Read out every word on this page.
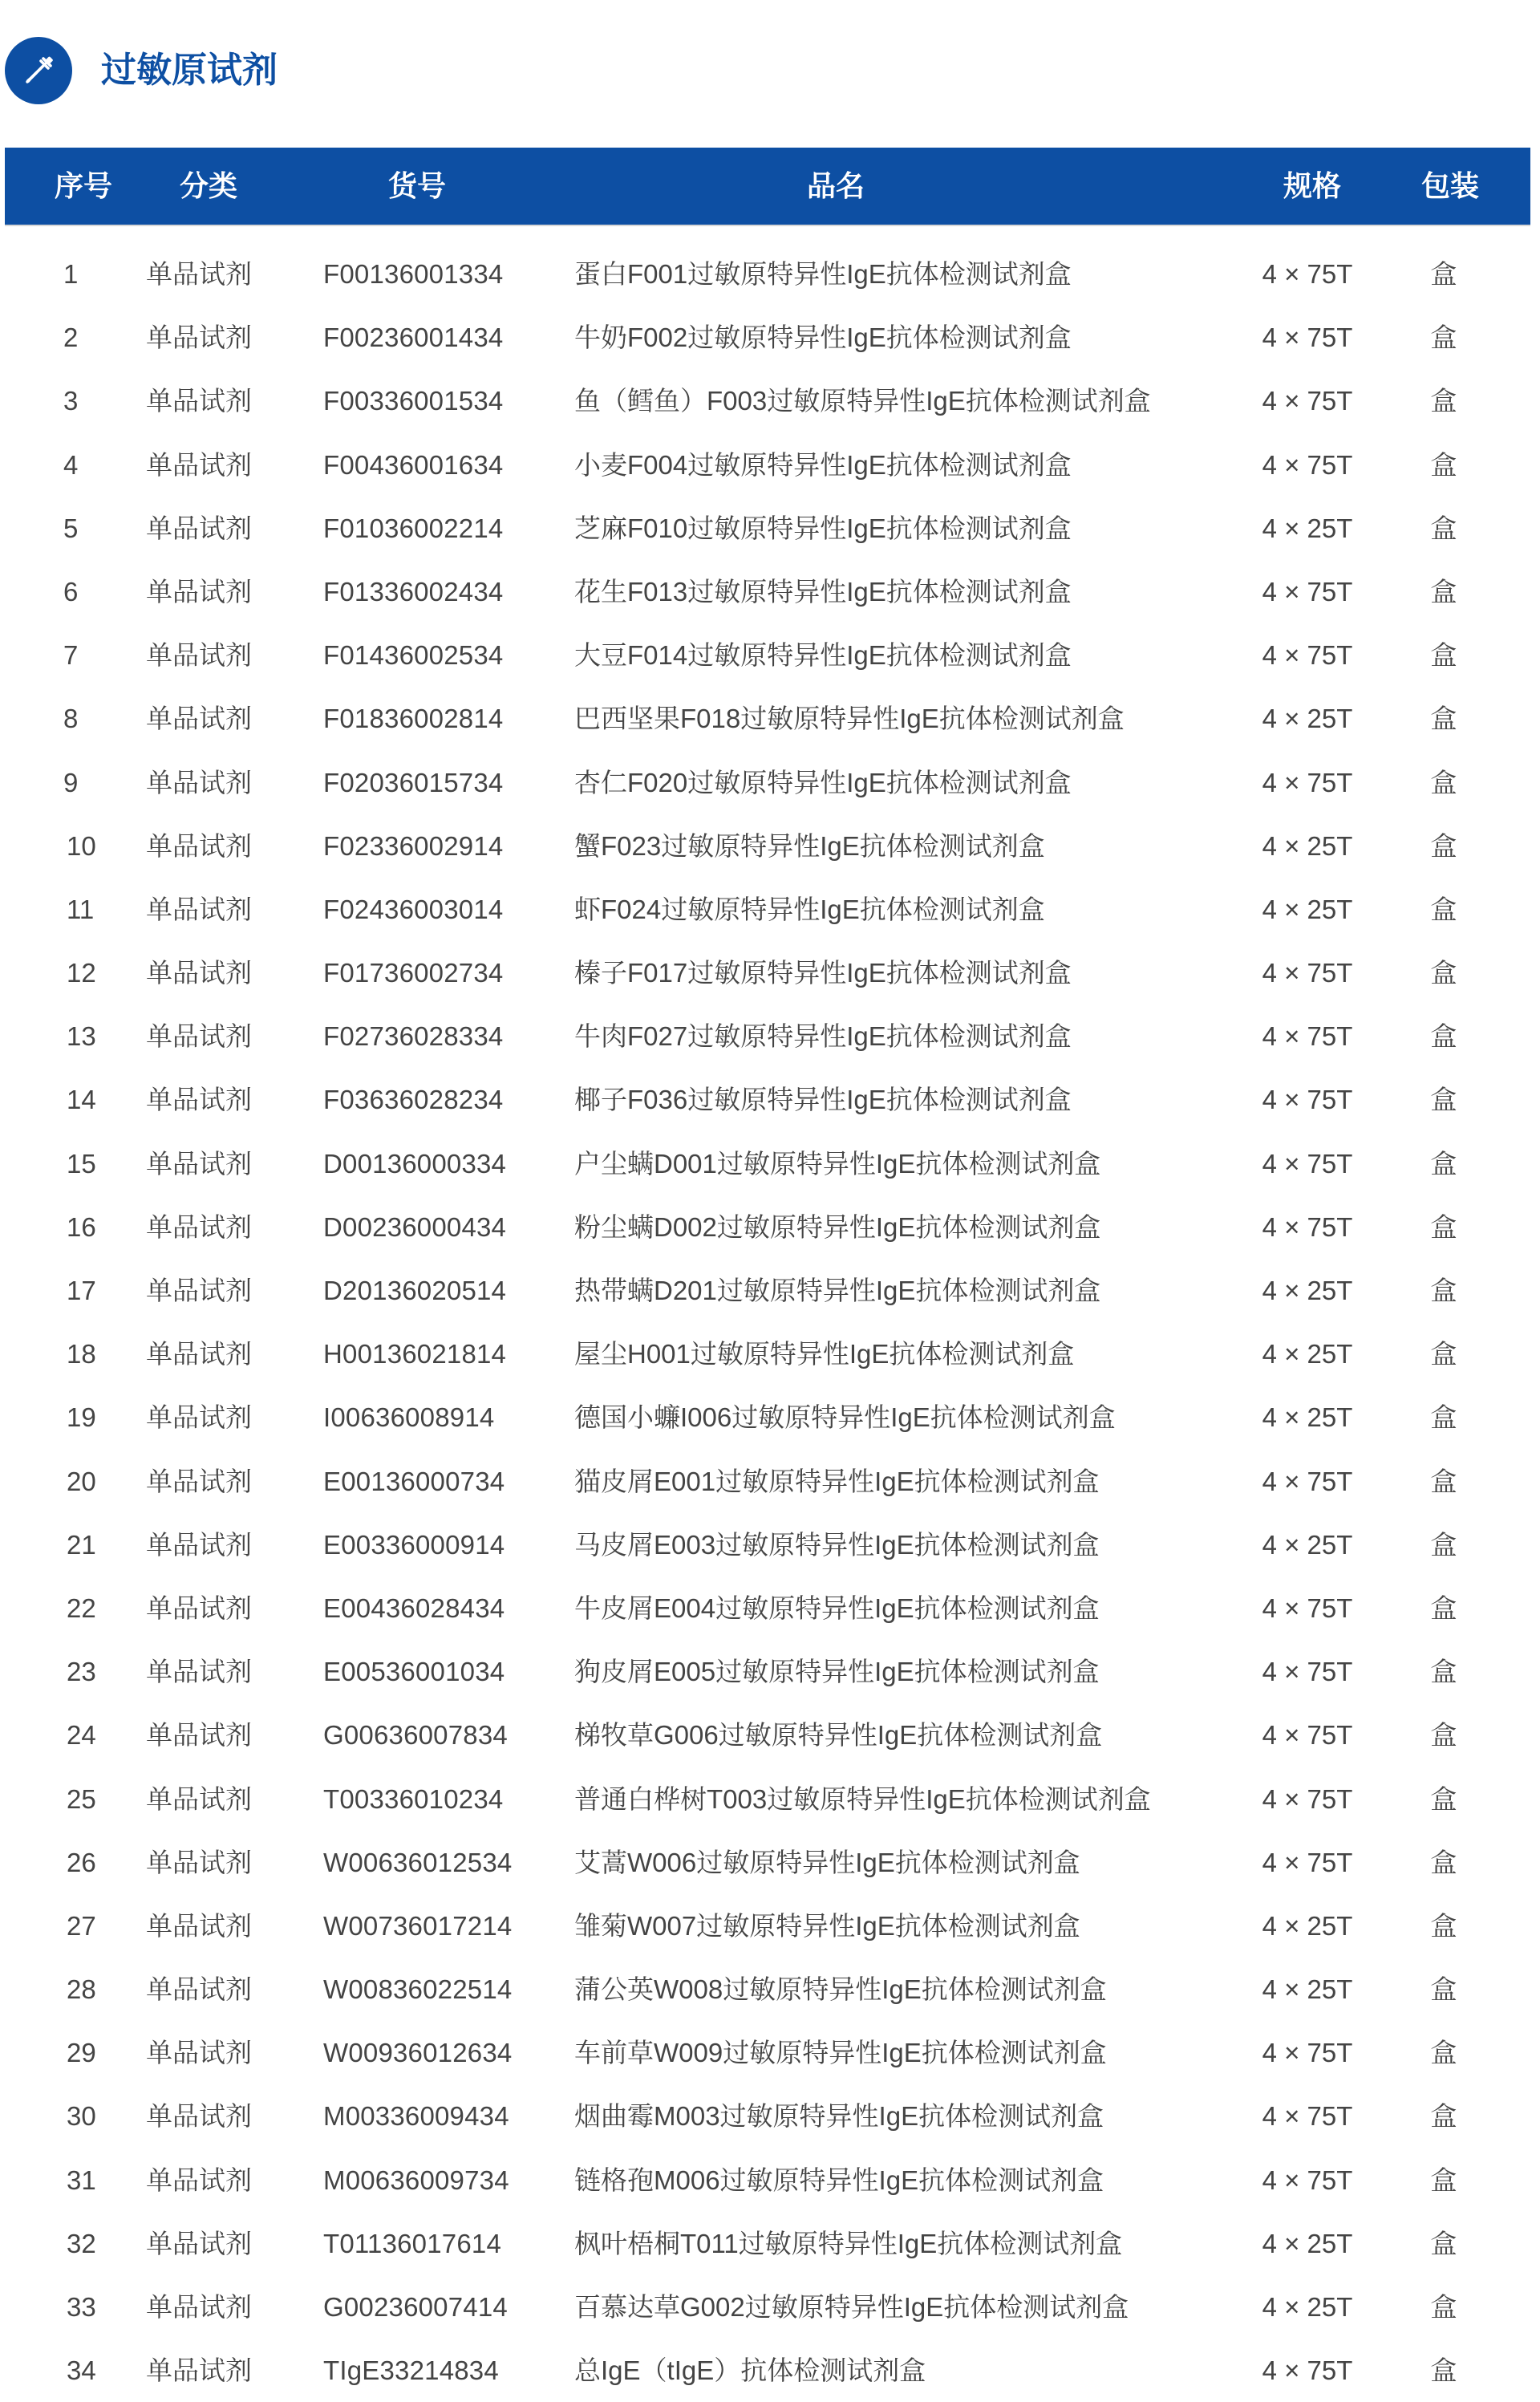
过敏原试剂
序号	分类	货号	品名	规格	包装
1	单品试剂	F00136001334	蛋白F001过敏原特异性IgE抗体检测试剂盒	4 × 75T	盒
2	单品试剂	F00236001434	牛奶F002过敏原特异性IgE抗体检测试剂盒	4 × 75T	盒
3	单品试剂	F00336001534	鱼（鳕鱼）F003过敏原特异性IgE抗体检测试剂盒	4 × 75T	盒
4	单品试剂	F00436001634	小麦F004过敏原特异性IgE抗体检测试剂盒	4 × 75T	盒
5	单品试剂	F01036002214	芝麻F010过敏原特异性IgE抗体检测试剂盒	4 × 25T	盒
6	单品试剂	F01336002434	花生F013过敏原特异性IgE抗体检测试剂盒	4 × 75T	盒
7	单品试剂	F01436002534	大豆F014过敏原特异性IgE抗体检测试剂盒	4 × 75T	盒
8	单品试剂	F01836002814	巴西坚果F018过敏原特异性IgE抗体检测试剂盒	4 × 25T	盒
9	单品试剂	F02036015734	杏仁F020过敏原特异性IgE抗体检测试剂盒	4 × 75T	盒
10	单品试剂	F02336002914	蟹F023过敏原特异性IgE抗体检测试剂盒	4 × 25T	盒
11	单品试剂	F02436003014	虾F024过敏原特异性IgE抗体检测试剂盒	4 × 25T	盒
12	单品试剂	F01736002734	榛子F017过敏原特异性IgE抗体检测试剂盒	4 × 75T	盒
13	单品试剂	F02736028334	牛肉F027过敏原特异性IgE抗体检测试剂盒	4 × 75T	盒
14	单品试剂	F03636028234	椰子F036过敏原特异性IgE抗体检测试剂盒	4 × 75T	盒
15	单品试剂	D00136000334	户尘螨D001过敏原特异性IgE抗体检测试剂盒	4 × 75T	盒
16	单品试剂	D00236000434	粉尘螨D002过敏原特异性IgE抗体检测试剂盒	4 × 75T	盒
17	单品试剂	D20136020514	热带螨D201过敏原特异性IgE抗体检测试剂盒	4 × 25T	盒
18	单品试剂	H00136021814	屋尘H001过敏原特异性IgE抗体检测试剂盒	4 × 25T	盒
19	单品试剂	I00636008914	德国小蠊I006过敏原特异性IgE抗体检测试剂盒	4 × 25T	盒
20	单品试剂	E00136000734	猫皮屑E001过敏原特异性IgE抗体检测试剂盒	4 × 75T	盒
21	单品试剂	E00336000914	马皮屑E003过敏原特异性IgE抗体检测试剂盒	4 × 25T	盒
22	单品试剂	E00436028434	牛皮屑E004过敏原特异性IgE抗体检测试剂盒	4 × 75T	盒
23	单品试剂	E00536001034	狗皮屑E005过敏原特异性IgE抗体检测试剂盒	4 × 75T	盒
24	单品试剂	G00636007834	梯牧草G006过敏原特异性IgE抗体检测试剂盒	4 × 75T	盒
25	单品试剂	T00336010234	普通白桦树T003过敏原特异性IgE抗体检测试剂盒	4 × 75T	盒
26	单品试剂	W00636012534	艾蒿W006过敏原特异性IgE抗体检测试剂盒	4 × 75T	盒
27	单品试剂	W00736017214	雏菊W007过敏原特异性IgE抗体检测试剂盒	4 × 25T	盒
28	单品试剂	W00836022514	蒲公英W008过敏原特异性IgE抗体检测试剂盒	4 × 25T	盒
29	单品试剂	W00936012634	车前草W009过敏原特异性IgE抗体检测试剂盒	4 × 75T	盒
30	单品试剂	M00336009434	烟曲霉M003过敏原特异性IgE抗体检测试剂盒	4 × 75T	盒
31	单品试剂	M00636009734	链格孢M006过敏原特异性IgE抗体检测试剂盒	4 × 75T	盒
32	单品试剂	T01136017614	枫叶梧桐T011过敏原特异性IgE抗体检测试剂盒	4 × 25T	盒
33	单品试剂	G00236007414	百慕达草G002过敏原特异性IgE抗体检测试剂盒	4 × 25T	盒
34	单品试剂	TIgE33214834	总IgE（tIgE）抗体检测试剂盒	4 × 75T	盒
